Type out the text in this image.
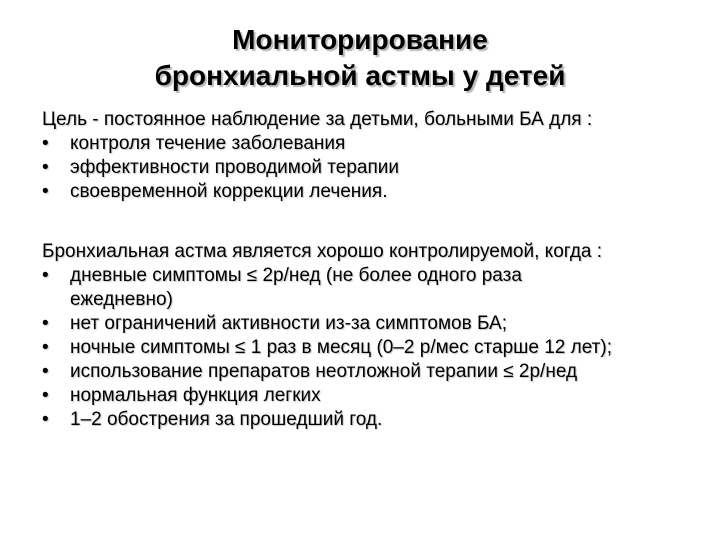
Мониторирование
бронхиальной астмы у детей
Цель - постоянное наблюдение за детьми, больными БА для :
•	контроля течение заболевания
•	эффективности проводимой терапии
•	своевременной коррекции лечения.
Бронхиальная астма является хорошо контролируемой, когда :
•	дневные симптомы ≤ 2р/нед (не более одного раза ежедневно)
•	нет ограничений активности из-за симптомов БА;
•	ночные симптомы ≤ 1 раз в месяц (0–2 р/мес старше 12 лет);
•	использование препаратов неотложной терапии ≤ 2р/нед
•	нормальная функция легких
•	1–2 обострения за прошедший год.
